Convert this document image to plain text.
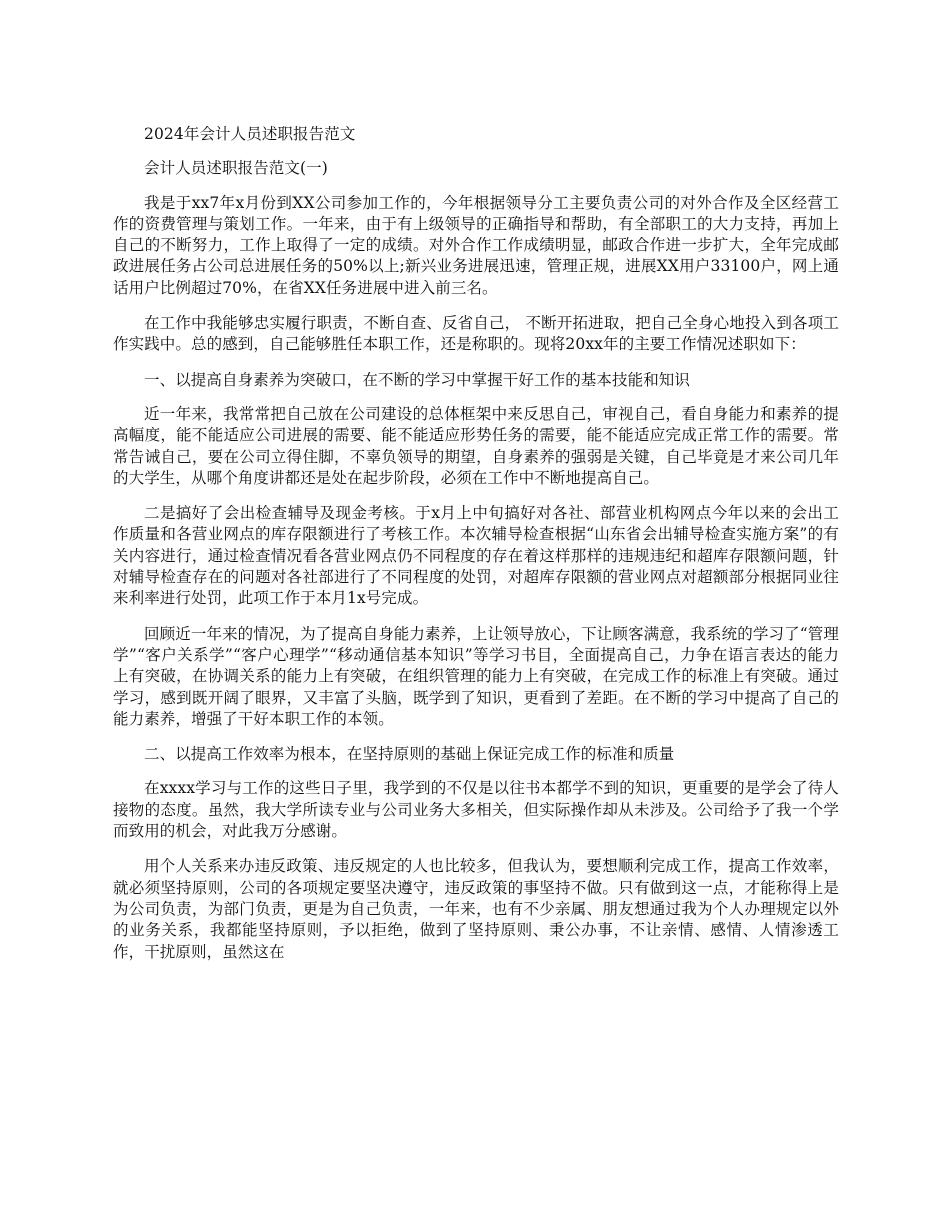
2024年会计人员述职报告范文

会计人员述职报告范文(一)

我是于xx7年x月份到XX公司参加工作的，今年根据领导分工主要负责公司的对外合作及全区经营工作的资费管理与策划工作。一年来，由于有上级领导的正确指导和帮助，有全部职工的大力支持，再加上自己的不断努力，工作上取得了一定的成绩。对外合作工作成绩明显，邮政合作进一步扩大，全年完成邮政进展任务占公司总进展任务的50%以上;新兴业务进展迅速，管理正规，进展XX用户33100户，网上通话用户比例超过70%，在省XX任务进展中进入前三名。

在工作中我能够忠实履行职责，不断自查、反省自己， 不断开拓进取，把自己全身心地投入到各项工作实践中。总的感到，自己能够胜任本职工作，还是称职的。现将20xx年的主要工作情况述职如下：

一、以提高自身素养为突破口，在不断的学习中掌握干好工作的基本技能和知识

近一年来，我常常把自己放在公司建设的总体框架中来反思自己，审视自己，看自身能力和素养的提高幅度，能不能适应公司进展的需要、能不能适应形势任务的需要，能不能适应完成正常工作的需要。常常告诫自己，要在公司立得住脚，不辜负领导的期望，自身素养的强弱是关键，自己毕竟是才来公司几年的大学生，从哪个角度讲都还是处在起步阶段，必须在工作中不断地提高自己。

二是搞好了会出检查辅导及现金考核。于x月上中旬搞好对各社、部营业机构网点今年以来的会出工作质量和各营业网点的库存限额进行了考核工作。本次辅导检查根据“山东省会出辅导检查实施方案”的有关内容进行，通过检查情况看各营业网点仍不同程度的存在着这样那样的违规违纪和超库存限额问题，针对辅导检查存在的问题对各社部进行了不同程度的处罚，对超库存限额的营业网点对超额部分根据同业往来利率进行处罚，此项工作于本月1x号完成。

回顾近一年来的情况，为了提高自身能力素养，上让领导放心，下让顾客满意，我系统的学习了“管理学”“客户关系学”“客户心理学”“移动通信基本知识”等学习书目，全面提高自己，力争在语言表达的能力上有突破，在协调关系的能力上有突破，在组织管理的能力上有突破，在完成工作的标准上有突破。通过学习，感到既开阔了眼界，又丰富了头脑，既学到了知识，更看到了差距。在不断的学习中提高了自己的能力素养，增强了干好本职工作的本领。

二、以提高工作效率为根本，在坚持原则的基础上保证完成工作的标准和质量

在xxxx学习与工作的这些日子里，我学到的不仅是以往书本都学不到的知识，更重要的是学会了待人接物的态度。虽然，我大学所读专业与公司业务大多相关，但实际操作却从未涉及。公司给予了我一个学而致用的机会，对此我万分感谢。

用个人关系来办违反政策、违反规定的人也比较多，但我认为，要想顺利完成工作，提高工作效率，就必须坚持原则，公司的各项规定要坚决遵守，违反政策的事坚持不做。只有做到这一点，才能称得上是为公司负责，为部门负责，更是为自己负责，一年来，也有不少亲属、朋友想通过我为个人办理规定以外的业务关系，我都能坚持原则，予以拒绝，做到了坚持原则、秉公办事，不让亲情、感情、人情渗透工作，干扰原则，虽然这在
